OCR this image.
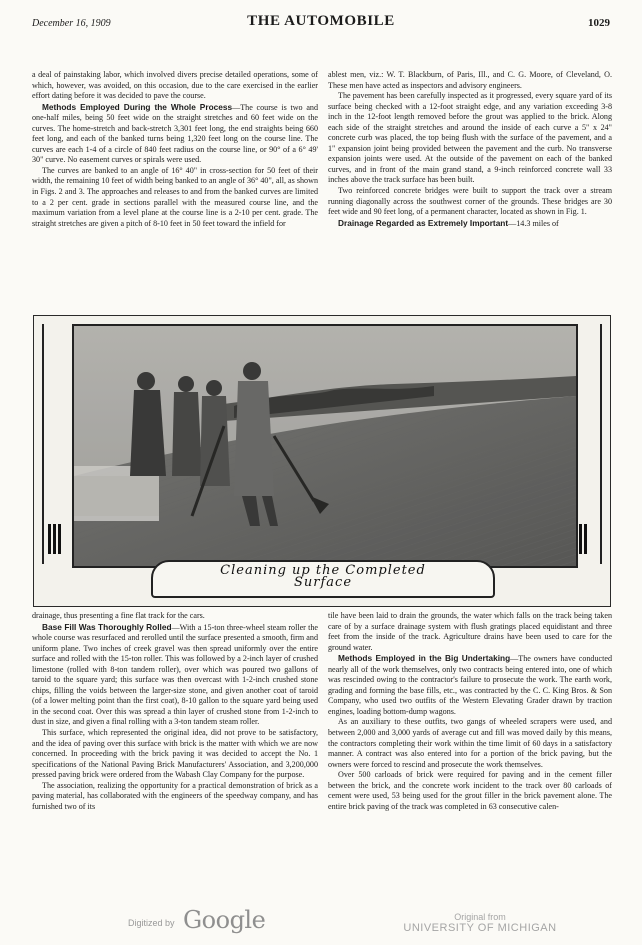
December 16, 1909	THE AUTOMOBILE	1029

a deal of painstaking labor, which involved divers precise detailed operations, some of which, however, was avoided, on this occasion, due to the care exercised in the earlier effort dating before it was decided to pave the course.

Methods Employed During the Whole Process—The course is two and one-half miles, being 50 feet wide on the straight stretches and 60 feet wide on the curves. The home-stretch and back-stretch 3,301 feet long, the end straights being 660 feet long, and each of the banked turns being 1,320 feet long on the course line. The curves are each 1-4 of a circle of 840 feet radius on the course line, or 90° of a 6° 49' 30" curve. No easement curves or spirals were used.

The curves are banked to an angle of 16° 40" in cross-section for 50 feet of their width, the remaining 10 feet of width being banked to an angle of 36° 40", all, as shown in Figs. 2 and 3. The approaches and releases to and from the banked curves are limited to a 2 per cent. grade in sections parallel with the measured course line, and the maximum variation from a level plane at the course line is a 2-10 per cent. grade. The straight stretches are given a pitch of 8-10 feet in 50 feet toward the infield for

ablest men, viz.: W. T. Blackburn, of Paris, Ill., and C. G. Moore, of Cleveland, O. These men have acted as inspectors and advisory engineers.

The pavement has been carefully inspected as it progressed, every square yard of its surface being checked with a 12-foot straight edge, and any variation exceeding 3-8 inch in the 12-foot length removed before the grout was applied to the brick. Along each side of the straight stretches and around the inside of each curve a 5" x 24" concrete curb was placed, the top being flush with the surface of the pavement, and a 1" expansion joint being provided between the pavement and the curb. No transverse expansion joints were used. At the outside of the pavement on each of the banked curves, and in front of the main grand stand, a 9-inch reinforced concrete wall 33 inches above the track surface has been built.

Two reinforced concrete bridges were built to support the track over a stream running diagonally across the southwest corner of the grounds. These bridges are 30 feet wide and 90 feet long, of a permanent character, located as shown in Fig. 1.

Drainage Regarded as Extremely Important—14.3 miles of

Cleaning up the Completed
Surface

drainage, thus presenting a fine flat track for the cars.

Base Fill Was Thoroughly Rolled—With a 15-ton three-wheel steam roller the whole course was resurfaced and rerolled until the surface presented a smooth, firm and uniform plane. Two inches of creek gravel was then spread uniformly over the entire surface and rolled with the 15-ton roller. This was followed by a 2-inch layer of crushed limestone (rolled with 8-ton tandem roller), over which was poured two gallons of taroid to the square yard; this surface was then overcast with 1-2-inch crushed stone chips, filling the voids between the larger-size stone, and given another coat of taroid (of a lower melting point than the first coat), 8-10 gallon to the square yard being used in the second coat. Over this was spread a thin layer of crushed stone from 1-2-inch to dust in size, and given a final rolling with a 3-ton tandem steam roller.

This surface, which represented the original idea, did not prove to be satisfactory, and the idea of paving over this surface with brick is the matter with which we are now concerned. In proceeding with the brick paving it was decided to accept the No. 1 specifications of the National Paving Brick Manufacturers' Association, and 3,200,000 pressed paving brick were ordered from the Wabash Clay Company for the purpose.

The association, realizing the opportunity for a practical demonstration of brick as a paving material, has collaborated with the engineers of the speedway company, and has furnished two of its

tile have been laid to drain the grounds, the water which falls on the track being taken care of by a surface drainage system with flush gratings placed equidistant and three feet from the inside of the track. Agriculture drains have been used to care for the ground water.

Methods Employed in the Big Undertaking—The owners have conducted nearly all of the work themselves, only two contracts being entered into, one of which was rescinded owing to the contractor's failure to prosecute the work. The earth work, grading and forming the base fills, etc., was contracted by the C. C. King Bros. & Son Company, who used two outfits of the Western Elevating Grader drawn by traction engines, loading bottom-dump wagons.

As an auxiliary to these outfits, two gangs of wheeled scrapers were used, and between 2,000 and 3,000 yards of average cut and fill was moved daily by this means, the contractors completing their work within the time limit of 60 days in a satisfactory manner. A contract was also entered into for a portion of the brick paving, but the owners were forced to rescind and prosecute the work themselves.

Over 500 carloads of brick were required for paving and in the cement filler between the brick, and the concrete work incident to the track over 80 carloads of cement were used, 53 being used for the grout filler in the brick pavement alone. The entire brick paving of the track was completed in 63 consecutive calen-

Digitized by Google	Original from
UNIVERSITY OF MICHIGAN
